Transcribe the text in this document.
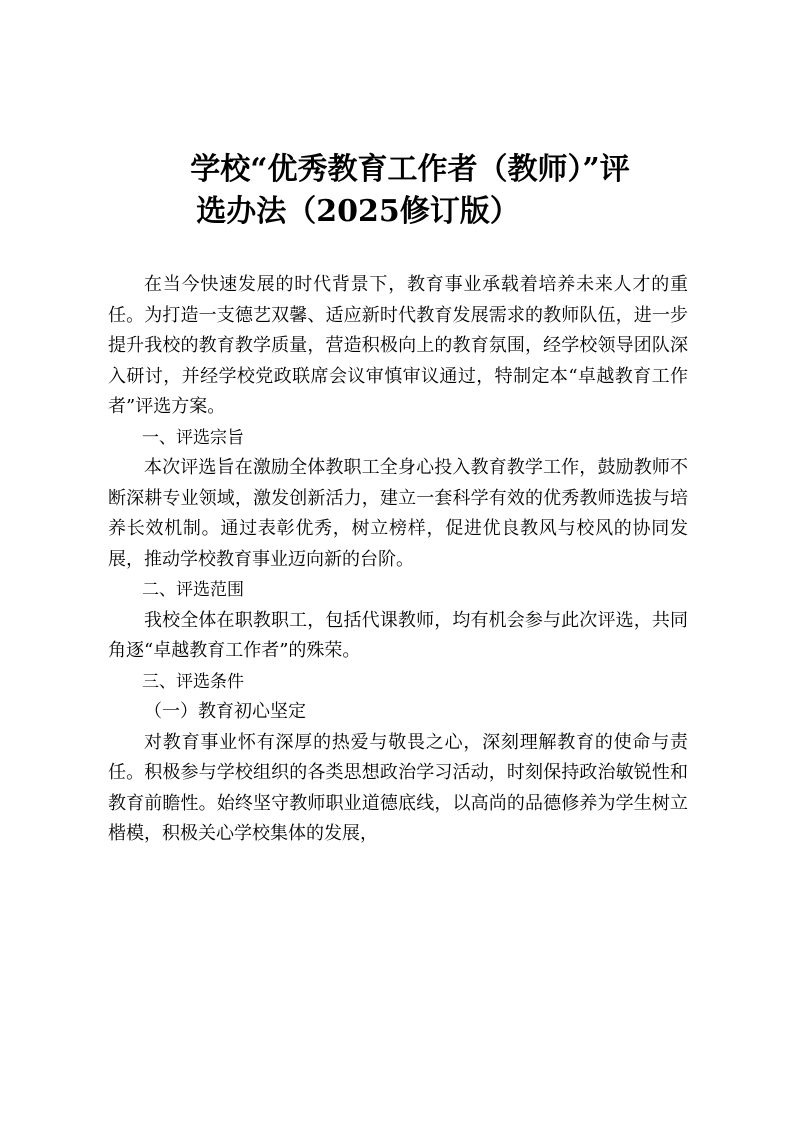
学校“优秀教育工作者（教师）”评
选办法（2025修订版）

在当今快速发展的时代背景下，教育事业承载着培养未来人才的重任。为打造一支德艺双馨、适应新时代教育发展需求的教师队伍，进一步提升我校的教育教学质量，营造积极向上的教育氛围，经学校领导团队深入研讨，并经学校党政联席会议审慎审议通过，特制定本“卓越教育工作者”评选方案。

一、评选宗旨

本次评选旨在激励全体教职工全身心投入教育教学工作，鼓励教师不断深耕专业领域，激发创新活力，建立一套科学有效的优秀教师选拔与培养长效机制。通过表彰优秀，树立榜样，促进优良教风与校风的协同发展，推动学校教育事业迈向新的台阶。

二、评选范围

我校全体在职教职工，包括代课教师，均有机会参与此次评选，共同角逐“卓越教育工作者”的殊荣。

三、评选条件

（一）教育初心坚定

对教育事业怀有深厚的热爱与敬畏之心，深刻理解教育的使命与责任。积极参与学校组织的各类思想政治学习活动，时刻保持政治敏锐性和教育前瞻性。始终坚守教师职业道德底线，以高尚的品德修养为学生树立楷模，积极关心学校集体的发展，
